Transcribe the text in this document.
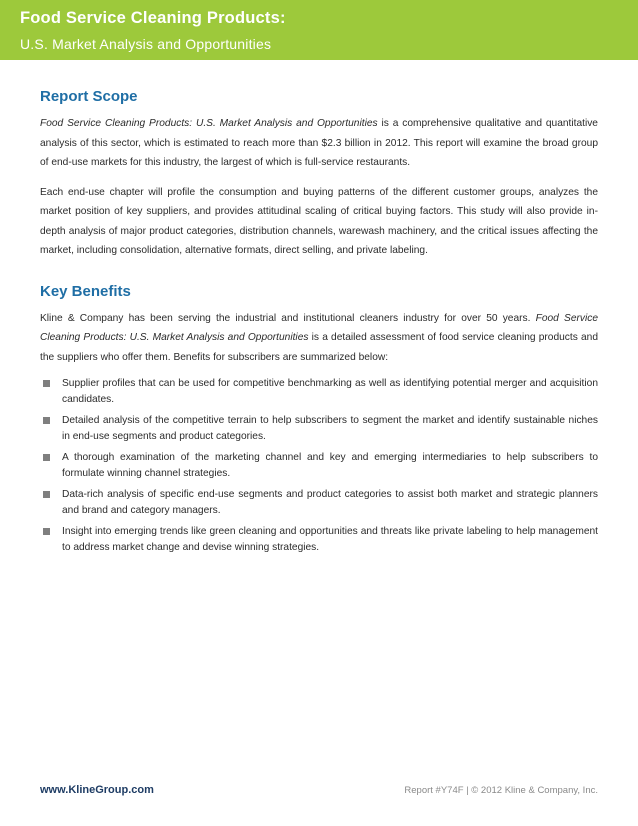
Food Service Cleaning Products:
U.S. Market Analysis and Opportunities
Report Scope

Food Service Cleaning Products: U.S. Market Analysis and Opportunities is a comprehensive qualitative and quantitative analysis of this sector, which is estimated to reach more than $2.3 billion in 2012. This report will examine the broad group of end-use markets for this industry, the largest of which is full-service restaurants.

Each end-use chapter will profile the consumption and buying patterns of the different customer groups, analyzes the market position of key suppliers, and provides attitudinal scaling of critical buying factors. This study will also provide in-depth analysis of major product categories, distribution channels, warewash machinery, and the critical issues affecting the market, including consolidation, alternative formats, direct selling, and private labeling.

Key Benefits

Kline & Company has been serving the industrial and institutional cleaners industry for over 50 years. Food Service Cleaning Products: U.S. Market Analysis and Opportunities is a detailed assessment of food service cleaning products and the suppliers who offer them. Benefits for subscribers are summarized below:

Supplier profiles that can be used for competitive benchmarking as well as identifying potential merger and acquisition candidates.
Detailed analysis of the competitive terrain to help subscribers to segment the market and identify sustainable niches in end-use segments and product categories.
A thorough examination of the marketing channel and key and emerging intermediaries to help subscribers to formulate winning channel strategies.
Data-rich analysis of specific end-use segments and product categories to assist both market and strategic planners and brand and category managers.
Insight into emerging trends like green cleaning and opportunities and threats like private labeling to help management to address market change and devise winning strategies.
www.KlineGroup.com	Report #Y74F | © 2012 Kline & Company, Inc.
